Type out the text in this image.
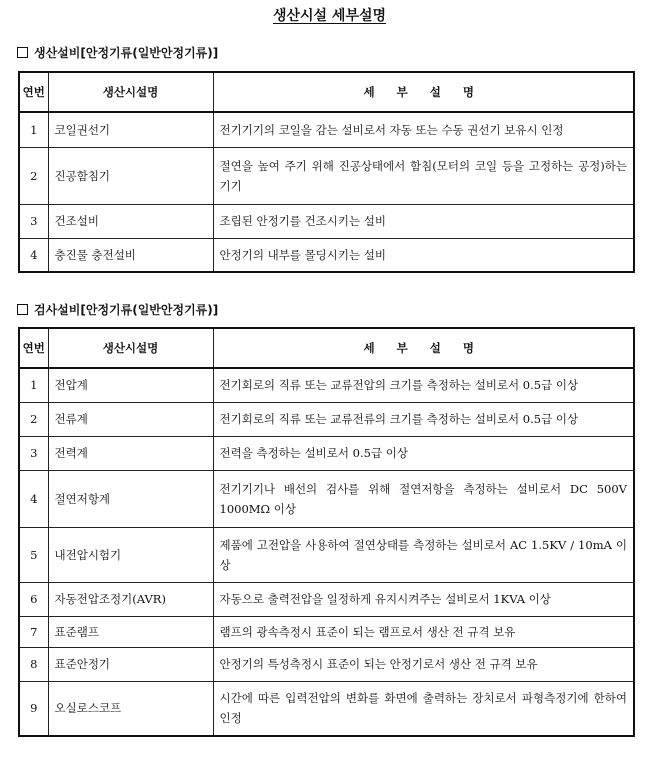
생산시설 세부설명
생산설비[안정기류(일반안정기류)]
연번	생산시설명	세 부 설 명
1	코일권선기	전기기기의 코일을 감는 설비로서 자동 또는 수동 권선기 보유시 인정
2	진공함침기	절연을 높여 주기 위해 진공상태에서 함침(모터의 코일 등을 고정하는 공정)하는 기기
3	건조설비	조립된 안정기를 건조시키는 설비
4	충진물 충전설비	안정기의 내부를 몰딩시키는 설비
검사설비[안정기류(일반안정기류)]
연번	생산시설명	세 부 설 명
1	전압계	전기회로의 직류 또는 교류전압의 크기를 측정하는 설비로서 0.5급 이상
2	전류계	전기회로의 직류 또는 교류전류의 크기를 측정하는 설비로서 0.5급 이상
3	전력계	전력을 측정하는 설비로서 0.5급 이상
4	절연저항계	전기기기나 배선의 검사를 위해 절연저항을 측정하는 설비로서 DC 500V 1000MΩ 이상
5	내전압시험기	제품에 고전압을 사용하여 절연상태를 측정하는 설비로서 AC 1.5KV / 10mA 이상
6	자동전압조정기(AVR)	자동으로 출력전압을 일정하게 유지시켜주는 설비로서 1KVA 이상
7	표준램프	램프의 광속측정시 표준이 되는 램프로서 생산 전 규격 보유
8	표준안정기	안정기의 특성측정시 표준이 되는 안정기로서 생산 전 규격 보유
9	오실로스코프	시간에 따른 입력전압의 변화를 화면에 출력하는 장치로서 파형측정기에 한하여 인정
